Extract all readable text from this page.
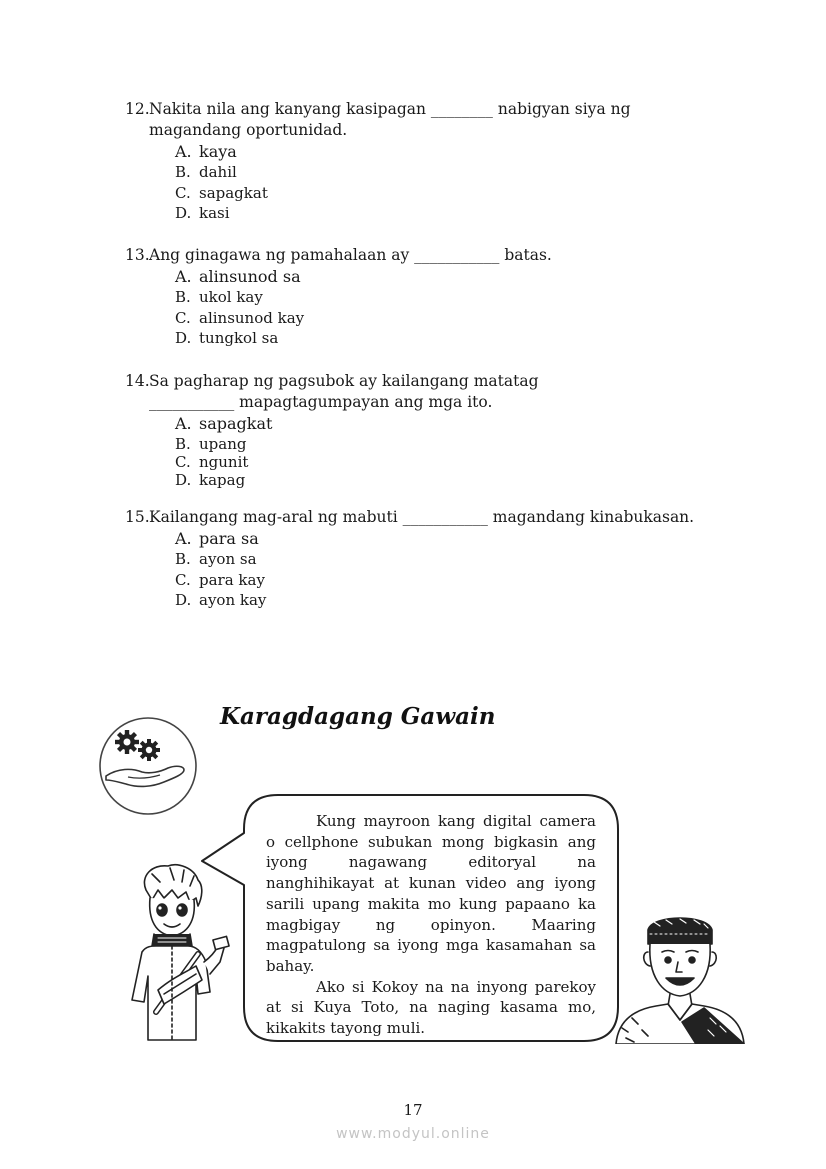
12. Nakita nila ang kanyang kasipagan ________ nabigyan siya ng magandang oportunidad.
A. kaya
B. dahil
C. sapagkat
D. kasi
13. Ang ginagawa ng pamahalaan ay ___________ batas.
A. alinsunod sa
B. ukol kay
C. alinsunod kay
D. tungkol sa
14. Sa pagharap ng pagsubok ay kailangang matatag ___________ mapagtagumpayan ang mga ito.
A. sapagkat
B. upang
C. ngunit
D. kapag
15. Kailangang mag-aral ng mabuti ___________ magandang kinabukasan.
A. para sa
B. ayon sa
C. para kay
D. ayon kay
Karagdagang Gawain

Kung mayroon kang digital camera o cellphone subukan mong bigkasin ang iyong nagawang editoryal na nanghihikayat at kunan video ang iyong sarili upang makita mo kung papaano ka magbigay ng opinyon. Maaring magpatulong sa iyong mga kasamahan sa bahay.

Ako si Kokoy na na inyong parekoy at si Kuya Toto, na naging kasama mo, kikakits tayong muli.

17
www.modyul.online
